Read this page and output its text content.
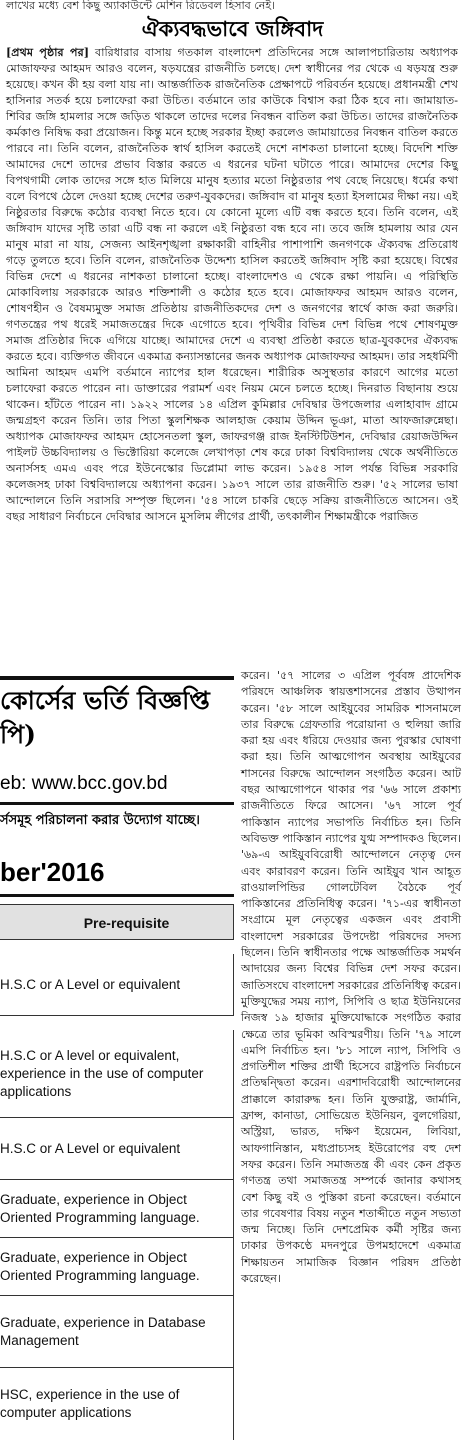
লাখের মধ্যে বেশ কিছু অ্যাকাউন্টে মেশিন রিডেবল হিসাব নেই।
ঐক্যবদ্ধভাবে জঙ্গিবাদ
[প্রথম পৃষ্ঠার পর] বারিধারার বাসায় গতকাল বাংলাদেশ প্রতিদিনের সঙ্গে আলাপচারিতায় অধ্যাপক মোজাফফর আহমদ আরও বলেন, ষড়যন্ত্রের রাজনীতি চলছে। দেশ স্বাধীনের পর থেকে এ ষড়যন্ত্র শুরু হয়েছে। কখন কী হয় বলা যায় না। আন্তর্জাতিক রাজনৈতিক প্রেক্ষাপটে পরিবর্তন হয়েছে। প্রধানমন্ত্রী শেখ হাসিনার সতর্ক হয়ে চলাফেরা করা উচিত। বর্তমানে তার কাউকে বিশ্বাস করা ঠিক হবে না। জামায়াত-শিবির জঙ্গি হামলার সঙ্গে জড়িত থাকলে তাদের দলের নিবন্ধন বাতিল করা উচিত। তাদের রাজনৈতিক কর্মকাণ্ড নিষিদ্ধ করা প্রয়োজন। কিন্তু মনে হচ্ছে সরকার ইচ্ছা করলেও জামায়াতের নিবন্ধন বাতিল করতে পারবে না। তিনি বলেন, রাজনৈতিক স্বার্থ হাসিল করতেই দেশে নাশকতা চালানো হচ্ছে। বিদেশি শক্তি আমাদের দেশে তাদের প্রভাব বিস্তার করতে এ ধরনের ঘটনা ঘটাতে পারে। আমাদের দেশের কিছু বিপথগামী লোক তাদের সঙ্গে হাত মিলিয়ে মানুষ হত্যার মতো নিষ্ঠুরতার পথ বেছে নিয়েছে। ধর্মের কথা বলে বিপথে ঠেলে দেওয়া হচ্ছে দেশের তরুণ-যুবকদের। জঙ্গিবাদ বা মানুষ হত্যা ইসলামের দীক্ষা নয়। এই নিষ্ঠুরতার বিরুদ্ধে কঠোর ব্যবস্থা নিতে হবে। যে কোনো মূল্যে এটি বন্ধ করতে হবে। তিনি বলেন, এই জঙ্গিবাদ যাদের সৃষ্টি তারা এটি বন্ধ না করলে এই নিষ্ঠুরতা বন্ধ হবে না। তবে জঙ্গি হামলায় আর যেন মানুষ মারা না যায়, সেজন্য আইনশৃঙ্খলা রক্ষাকারী বাহিনীর পাশাপাশি জনগণকে ঐক্যবদ্ধ প্রতিরোধ গড়ে তুলতে হবে। তিনি বলেন, রাজনৈতিক উদ্দেশ্য হাসিল করতেই জঙ্গিবাদ সৃষ্টি করা হয়েছে। বিশ্বের বিভিন্ন দেশে এ ধরনের নাশকতা চালানো হচ্ছে। বাংলাদেশও এ থেকে রক্ষা পায়নি। এ পরিস্থিতি মোকাবিলায় সরকারকে আরও শক্তিশালী ও কঠোর হতে হবে। মোজাফফর আহমদ আরও বলেন, শোষণহীন ও বৈষম্যমুক্ত সমাজ প্রতিষ্ঠায় রাজনীতিকদের দেশ ও জনগণের স্বার্থে কাজ করা জরুরি। গণতন্ত্রের পথ ধরেই সমাজতন্ত্রের দিকে এগোতে হবে। পৃথিবীর বিভিন্ন দেশ বিভিন্ন পথে শোষণমুক্ত সমাজ প্রতিষ্ঠার দিকে এগিয়ে যাচ্ছে। আমাদের দেশে এ ব্যবস্থা প্রতিষ্ঠা করতে ছাত্র-যুবকদের ঐক্যবদ্ধ করতে হবে। ব্যক্তিগত জীবনে একমাত্র কন্যাসন্তানের জনক অধ্যাপক মোজাফফর আহমদ। তার সহধর্মিণী আমিনা আহমদ এমপি বর্তমানে ন্যাপের হাল ধরেছেন। শারীরিক অসুস্থতার কারণে আগের মতো চলাফেরা করতে পারেন না। ডাক্তারের পরামর্শ এবং নিয়ম মেনে চলতে হচ্ছে। দিনরাত বিছানায় শুয়ে থাকেন। হাঁটতে পারেন না। ১৯২২ সালের ১৪ এপ্রিল কুমিল্লার দেবিদ্বার উপজেলার এলাহাবাদ গ্রামে জন্মগ্রহণ করেন তিনি। তার পিতা স্কুলশিক্ষক আলহাজ কেয়াম উদ্দিন ভূঞা, মাতা আফজারুন্নেছা। অধ্যাপক মোজাফফর আহমদ হোসেনতলা স্কুল, জাফরগঞ্জ রাজ ইনস্টিটিউশন, দেবিদ্বার রেয়াজউদ্দিন পাইলট উচ্চবিদ্যালয় ও ভিক্টোরিয়া কলেজে লেখাপড়া শেষ করে ঢাকা বিশ্ববিদ্যালয় থেকে অর্থনীতিতে অনার্সসহ এমএ এবং পরে ইউনেস্কোর ডিপ্লোমা লাভ করেন। ১৯৫৪ সাল পর্যন্ত বিভিন্ন সরকারি কলেজসহ ঢাকা বিশ্ববিদ্যালয়ে অধ্যাপনা করেন। ১৯৩৭ সালে তার রাজনীতি শুরু। '৫২ সালের ভাষা আন্দোলনে তিনি সরাসরি সম্পৃক্ত ছিলেন। '৫৪ সালে চাকরি ছেড়ে সক্রিয় রাজনীতিতে আসেন। ওই বছর সাধারণ নির্বাচনে দেবিদ্বার আসনে মুসলিম লীগের প্রার্থী, তৎকালীন শিক্ষামন্ত্রীকে পরাজিত
করেন। '৫৭ সালের ৩ এপ্রিল পূর্ববঙ্গ প্রাদেশিক পরিষদে আঞ্চলিক স্বায়ত্তশাসনের প্রস্তাব উত্থাপন করেন। '৫৮ সালে আইয়ুবের সামরিক শাসনামলে তার বিরুদ্ধে গ্রেফতারি পরোয়ানা ও হুলিয়া জারি করা হয় এবং ধরিয়ে দেওয়ার জন্য পুরস্কার ঘোষণা করা হয়। তিনি আত্মগোপন অবস্থায় আইয়ুবের শাসনের বিরুদ্ধে আন্দোলন সংগঠিত করেন। আট বছর আত্মগোপনে থাকার পর '৬৬ সালে প্রকাশ্য রাজনীতিতে ফিরে আসেন। '৬৭ সালে পূর্ব পাকিস্তান ন্যাপের সভাপতি নির্বাচিত হন। তিনি অবিভক্ত পাকিস্তান ন্যাপের যুগ্ম সম্পাদকও ছিলেন। '৬৯-এ আইয়ুববিরোধী আন্দোলনে নেতৃত্ব দেন এবং কারাবরণ করেন। তিনি আইয়ুব খান আহূত রাওয়ালপিন্ডির গোলটেবিল বৈঠকে পূর্ব পাকিস্তানের প্রতিনিধিত্ব করেন। '৭১-এর স্বাধীনতা সংগ্রামে মূল নেতৃত্বের একজন এবং প্রবাসী বাংলাদেশ সরকারের উপদেষ্টা পরিষদের সদস্য ছিলেন। তিনি স্বাধীনতার পক্ষে আন্তর্জাতিক সমর্থন আদায়ের জন্য বিশ্বের বিভিন্ন দেশ সফর করেন। জাতিসংঘে বাংলাদেশ সরকারের প্রতিনিধিত্ব করেন। মুক্তিযুদ্ধের সময় ন্যাপ, সিপিবি ও ছাত্র ইউনিয়নের নিজস্ব ১৯ হাজার মুক্তিযোদ্ধাকে সংগঠিত করার ক্ষেত্রে তার ভূমিকা অবিস্মরণীয়। তিনি '৭৯ সালে এমপি নির্বাচিত হন। '৮১ সালে ন্যাপ, সিপিবি ও প্রগতিশীল শক্তির প্রার্থী হিসেবে রাষ্ট্রপতি নির্বাচনে প্রতিদ্বন্দ্বিতা করেন। এরশাদবিরোধী আন্দোলনের প্রাক্কালে কারারুদ্ধ হন। তিনি যুক্তরাষ্ট্র, জার্মানি, ফ্রান্স, কানাডা, সোভিয়েত ইউনিয়ন, বুলগেরিয়া, অস্ট্রিয়া, ভারত, দক্ষিণ ইয়েমেন, লিবিয়া, আফগানিস্তান, মধ্যপ্রাচ্যসহ ইউরোপের বহু দেশ সফর করেন। তিনি সমাজতন্ত্র কী এবং কেন প্রকৃত গণতন্ত্র তথা সমাজতন্ত্র সম্পর্কে জানার কথাসহ বেশ কিছু বই ও পুস্তিকা রচনা করেছেন। বর্তমানে তার গবেষণার বিষয় নতুন শতাব্দীতে নতুন সভ্যতা জন্ম নিচ্ছে। তিনি দেশপ্রেমিক কর্মী সৃষ্টির জন্য ঢাকার উপকণ্ঠে মদনপুরে উপমহাদেশে একমাত্র শিক্ষায়তন সামাজিক বিজ্ঞান পরিষদ প্রতিষ্ঠা করেছেন।
কোর্সের ভর্তি বিজ্ঞপ্তি
পি)
eb: www.bcc.gov.bd
র্সসমূহ পরিচালনা করার উদ্যোগ যাচ্ছে।
ber'2016
Pre-requisite
H.S.C or A Level or equivalent
H.S.C or A level or equivalent, experience in the use of computer applications
H.S.C or A Level or equivalent
Graduate, experience in Object Oriented Programming language.
Graduate, experience in Object Oriented Programming language.
Graduate, experience in Database Management
HSC, experience in the use of computer applications
